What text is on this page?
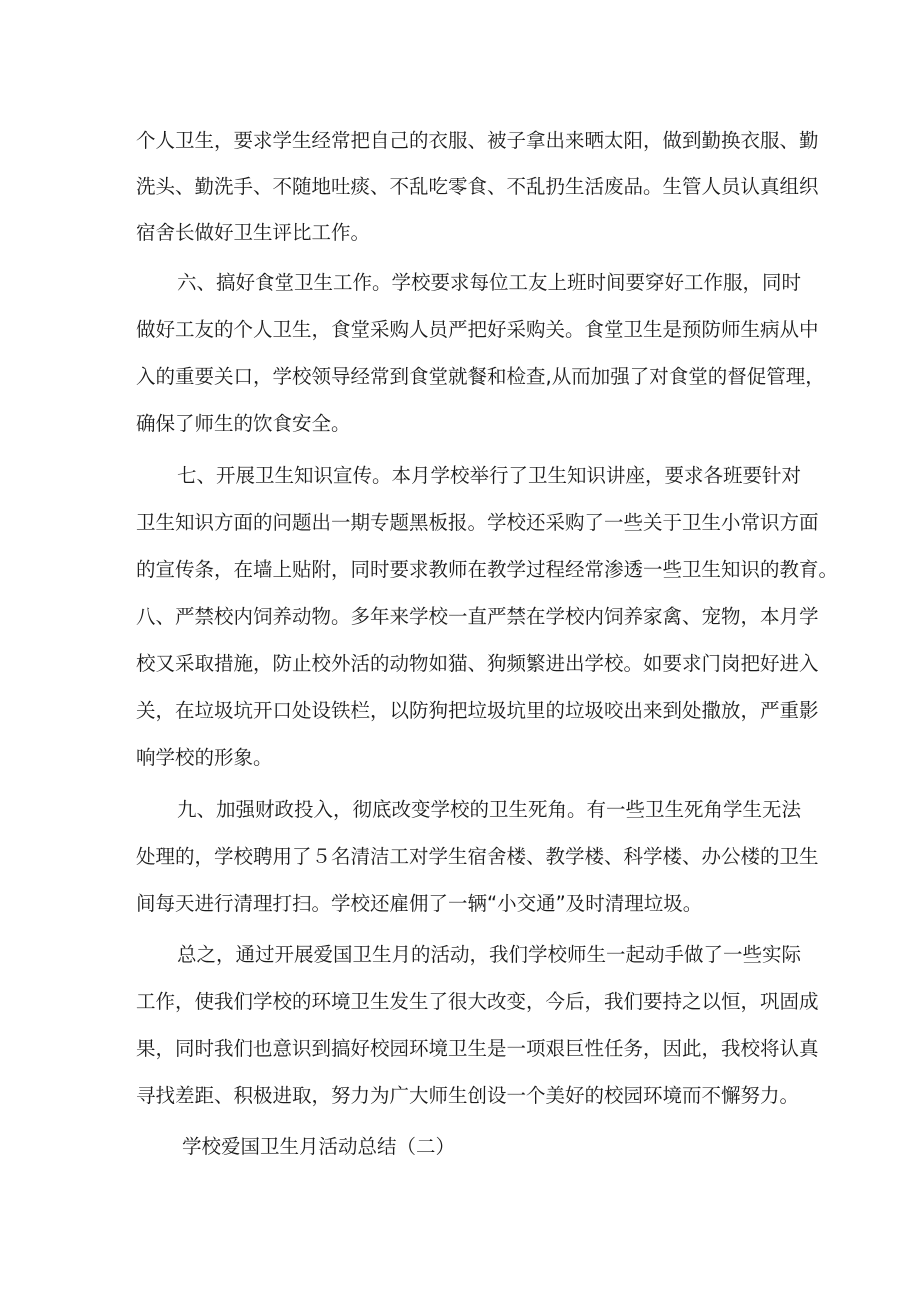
个人卫生，要求学生经常把自己的衣服、被子拿出来晒太阳，做到勤换衣服、勤
洗头、勤洗手、不随地吐痰、不乱吃零食、不乱扔生活废品。生管人员认真组织
宿舍长做好卫生评比工作。
六、搞好食堂卫生工作。学校要求每位工友上班时间要穿好工作服，同时
做好工友的个人卫生，食堂采购人员严把好采购关。食堂卫生是预防师生病从中
入的重要关口，学校领导经常到食堂就餐和检查,从而加强了对食堂的督促管理，
确保了师生的饮食安全。
七、开展卫生知识宣传。本月学校举行了卫生知识讲座，要求各班要针对
卫生知识方面的问题出一期专题黑板报。学校还采购了一些关于卫生小常识方面
的宣传条，在墙上贴附，同时要求教师在教学过程经常渗透一些卫生知识的教育。
八、严禁校内饲养动物。多年来学校一直严禁在学校内饲养家禽、宠物，本月学
校又采取措施，防止校外活的动物如猫、狗频繁进出学校。如要求门岗把好进入
关，在垃圾坑开口处设铁栏，以防狗把垃圾坑里的垃圾咬出来到处撒放，严重影
响学校的形象。
九、加强财政投入，彻底改变学校的卫生死角。有一些卫生死角学生无法
处理的，学校聘用了５名清洁工对学生宿舍楼、教学楼、科学楼、办公楼的卫生
间每天进行清理打扫。学校还雇佣了一辆“小交通”及时清理垃圾。
总之，通过开展爱国卫生月的活动，我们学校师生一起动手做了一些实际
工作，使我们学校的环境卫生发生了很大改变，今后，我们要持之以恒，巩固成
果，同时我们也意识到搞好校园环境卫生是一项艰巨性任务，因此，我校将认真
寻找差距、积极进取，努力为广大师生创设一个美好的校园环境而不懈努力。
学校爱国卫生月活动总结（二）
